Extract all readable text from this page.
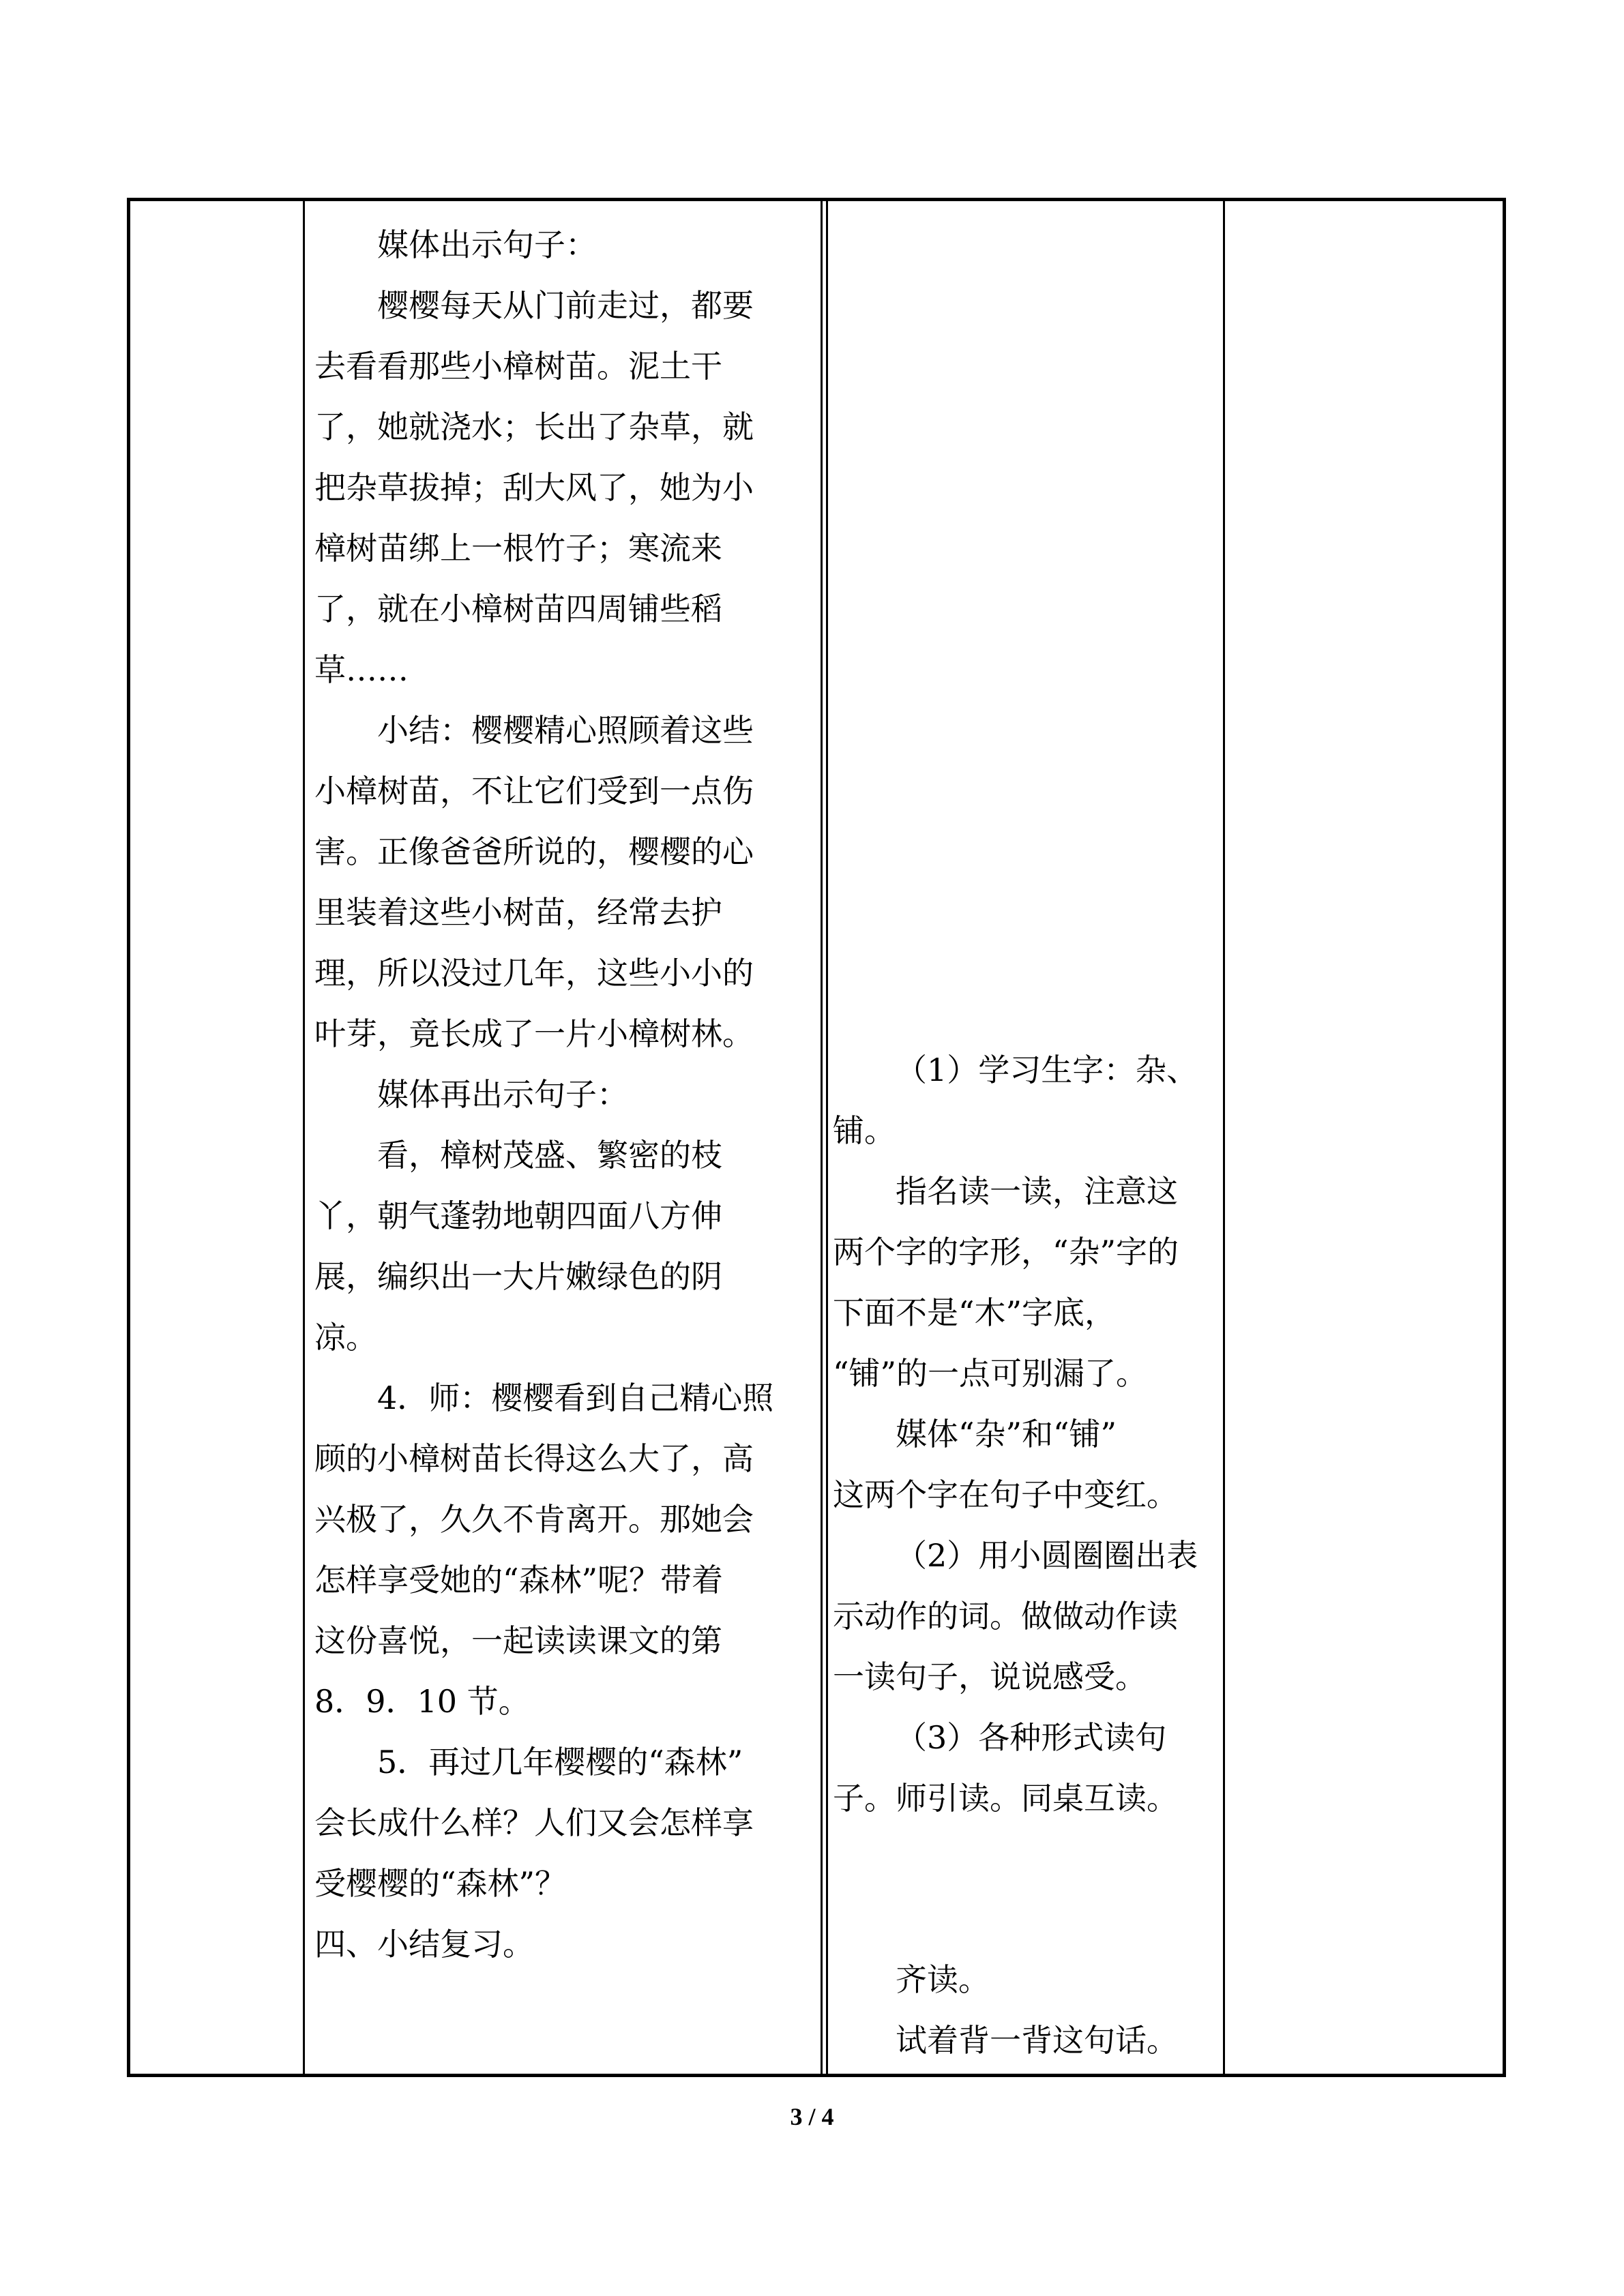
媒体出示句子：
樱樱每天从门前走过，都要
去看看那些小樟树苗。泥土干
了，她就浇水；长出了杂草，就
把杂草拔掉；刮大风了，她为小
樟树苗绑上一根竹子；寒流来
了，就在小樟树苗四周铺些稻
草……
小结：樱樱精心照顾着这些
小樟树苗，不让它们受到一点伤
害。正像爸爸所说的，樱樱的心
里装着这些小树苗，经常去护
理，所以没过几年，这些小小的
叶芽，竟长成了一片小樟树林。
媒体再出示句子：
看，樟树茂盛、繁密的枝
丫，朝气蓬勃地朝四面八方伸
展，编织出一大片嫩绿色的阴
凉。
4．师：樱樱看到自己精心照
顾的小樟树苗长得这么大了，高
兴极了，久久不肯离开。那她会
怎样享受她的“森林”呢？带着
这份喜悦，一起读读课文的第
8．9．10 节。
5．再过几年樱樱的“森林”
会长成什么样？人们又会怎样享
受樱樱的“森林”？
四、小结复习。
（1）学习生字：杂、
铺。
指名读一读，注意这
两个字的字形，“杂”字的
下面不是“木”字底，
“铺”的一点可别漏了。
媒体“杂”和“铺”
这两个字在句子中变红。
（2）用小圆圈圈出表
示动作的词。做做动作读
一读句子，说说感受。
（3）各种形式读句
子。师引读。同桌互读。
齐读。
试着背一背这句话。
3 / 4
